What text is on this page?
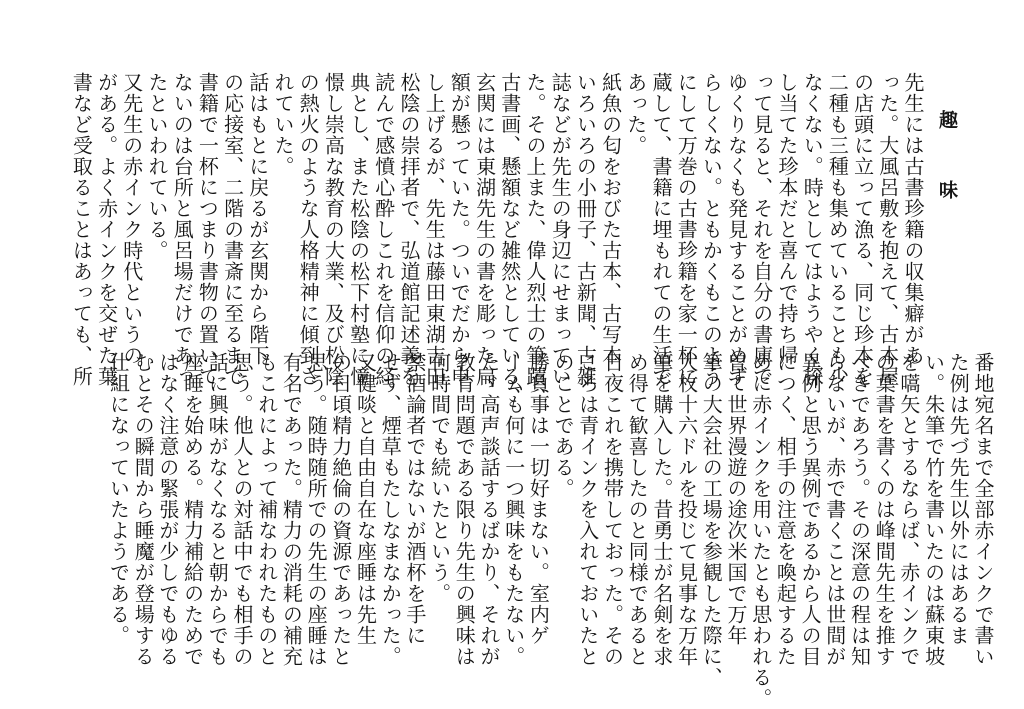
趣　味
先生には古書珍籍の収集癖があ
った。大風呂敷を抱えて、古本屋
の店頭に立って漁る、同じ珍本を
二種も三種も集めていることも少
なくない。時としてはようやく探
し当てた珍本だと喜んで持ち帰
って見ると、それを自分の書庫で
ゆくりなくも発見することがめず
らしくない。ともかくもこのよう
にして万巻の古書珍籍を家一杯に
蔵して、書籍に埋もれての生活で
あった。
紙魚の匂をおびた古本、古写本
いろいろの小冊子、古新聞、古雑
誌などが先生の身辺にせまってい
た。その上また、偉人烈士の筆蹟、
古書画、懸額など雑然としている、
玄関には東湖先生の書を彫った扁
額が懸っていた。ついでだから申
し上げるが、先生は藤田東湖吉田
松陰の崇拝者で、弘道館記述義を
読んで感憤心酔しこれを信仰の経
典とし、また松陰の松下村塾に憧
憬し崇高な教育の大業、及び松陰
の熱火のような人格精神に傾到さ
れていた。
話はもとに戻るが玄関から階下
の応接室、二階の書斎に至るまで
書籍で一杯につまり書物の置いて
ないのは台所と風呂場だけであっ
たといわれている。
又先生の赤インク時代というの
がある。よく赤インクを交ぜた葉
書など受取ることはあっても、所
番地宛名まで全部赤インクで書い
た例は先づ先生以外にはあるま
い。朱筆で竹を書いたのは蘇東坡
を嚆矢とするならば、赤インクで
の葉書を書くのは峰間先生を推す
べきであろう。その深意の程は知
らないが、赤で書くことは世間が
異例と思う異例であるから人の目
につく、相手の注意を喚起するた
めに赤インクを用いたとも思われる。
曽て世界漫遊の途次米国で万年
筆の大会社の工場を参観した際に、
大枚十六ドルを投じて見事な万年
筆を購入した。昔勇士が名剣を求
め得て歓喜したのと同様であると
日夜これを携帯しておった。その
ころは青インクを入れておいたと
のことである。
勝負事は一切好まない。室内ゲ
ームも何に一つ興味をもたない。
たゞ高声談話するばかり、それが
教育問題である限り先生の興味は
何時間でも続いたという。
禁酒論者ではないが酒杯を手に
せず、煙草もたしなまなかった。
又健啖と自由自在な座睡は先生
の日頃精力絶倫の資源であったと
思う。随時随所での先生の座睡は
有名であった。精力の消耗の補充
もこれによって補なわれたものと
思う。他人との対話中でも相手の
話に興味がなくなると朝からでも
座睡を始める。精力補給のためで
はなく注意の緊張が少しでもゆる
むとその瞬間から睡魔が登場する
仕組になっていたようである。
